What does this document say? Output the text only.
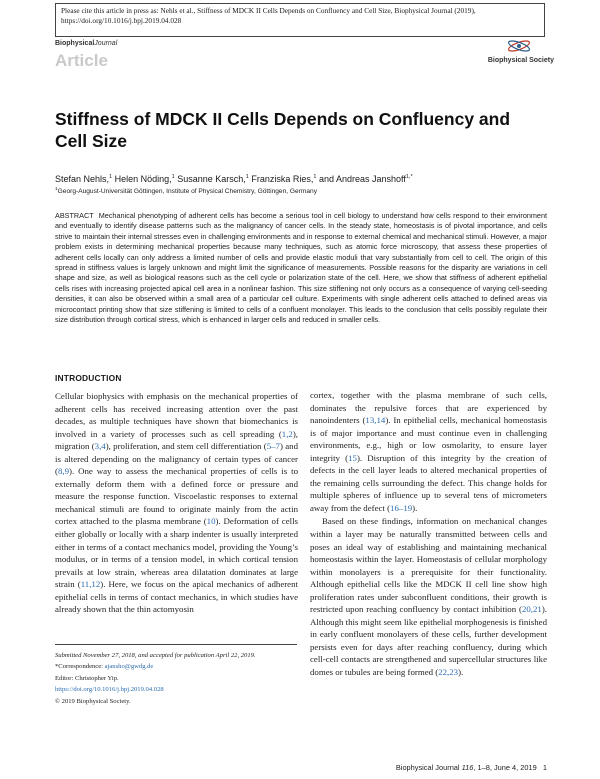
Please cite this article in press as: Nehls et al., Stiffness of MDCK II Cells Depends on Confluency and Cell Size, Biophysical Journal (2019), https://doi.org/10.1016/j.bpj.2019.04.028
BiophysicalJournal
Article	Biophysical Society
Stiffness of MDCK II Cells Depends on Confluency and Cell Size
Stefan Nehls,$^1$ Helen Nöding,$^1$ Susanne Karsch,$^1$ Franziska Ries,$^1$ and Andreas Janshoff$^{1,*}$
$^1$Georg-August-Universität Göttingen, Institute of Physical Chemistry, Göttingen, Germany

ABSTRACT Mechanical phenotyping of adherent cells has become a serious tool in cell biology to understand how cells respond to their environment and eventually to identify disease patterns such as the malignancy of cancer cells. In the steady state, homeostasis is of pivotal importance, and cells strive to maintain their internal stresses even in challenging environments and in response to external chemical and mechanical stimuli. However, a major problem exists in determining mechanical properties because many techniques, such as atomic force microscopy, that assess these properties of adherent cells locally can only address a limited number of cells and provide elastic moduli that vary substantially from cell to cell. The origin of this spread in stiffness values is largely unknown and might limit the significance of measurements. Possible reasons for the disparity are variations in cell shape and size, as well as biological reasons such as the cell cycle or polarization state of the cell. Here, we show that stiffness of adherent epithelial cells rises with increasing projected apical cell area in a nonlinear fashion. This size stiffening not only occurs as a consequence of varying cell-seeding densities, it can also be observed within a small area of a particular cell culture. Experiments with single adherent cells attached to defined areas via microcontact printing show that size stiffening is limited to cells of a confluent monolayer. This leads to the conclusion that cells possibly regulate their size distribution through cortical stress, which is enhanced in larger cells and reduced in smaller cells.

INTRODUCTION

Cellular biophysics with emphasis on the mechanical properties of adherent cells has received increasing attention over the past decades, as multiple techniques have shown that biomechanics is involved in a variety of processes such as cell spreading (1,2), migration (3,4), proliferation, and stem cell differentiation (5–7) and is altered depending on the malignancy of certain types of cancer (8,9). One way to assess the mechanical properties of cells is to externally deform them with a defined force or pressure and measure the response function. Viscoelastic responses to external mechanical stimuli are found to originate mainly from the actin cortex attached to the plasma membrane (10). Deformation of cells either globally or locally with a sharp indenter is usually interpreted either in terms of a contact mechanics model, providing the Young’s modulus, or in terms of a tension model, in which cortical tension prevails at low strain, whereas area dilatation dominates at large strain (11,12). Here, we focus on the apical mechanics of adherent epithelial cells in terms of contact mechanics, in which studies have already shown that the thin actomyosin

cortex, together with the plasma membrane of such cells, dominates the repulsive forces that are experienced by nanoindenters (13,14). In epithelial cells, mechanical homeostasis is of major importance and must continue even in challenging environments, e.g., high or low osmolarity, to ensure layer integrity (15). Disruption of this integrity by the creation of defects in the cell layer leads to altered mechanical properties of the remaining cells surrounding the defect. This change holds for multiple spheres of influence up to several tens of micrometers away from the defect (16–19).

Based on these findings, information on mechanical changes within a layer may be naturally transmitted between cells and poses an ideal way of establishing and maintaining mechanical homeostasis within the layer. Homeostasis of cellular morphology within monolayers is a prerequisite for their functionality. Although epithelial cells like the MDCK II cell line show high proliferation rates under subconfluent conditions, their growth is restricted upon reaching confluency by contact inhibition (20,21). Although this might seem like epithelial morphogenesis is finished in early confluent monolayers of these cells, further development persists even for days after reaching confluency, during which cell-cell contacts are strengthened and supercellular structures like domes or tubules are being formed (22,23).

Submitted November 27, 2018, and accepted for publication April 22, 2019.
*Correspondence: ajansho@gwdg.de
Editor: Christopher Yip.
https://doi.org/10.1016/j.bpj.2019.04.028
© 2019 Biophysical Society.
Biophysical Journal 116, 1–8, June 4, 2019 1
